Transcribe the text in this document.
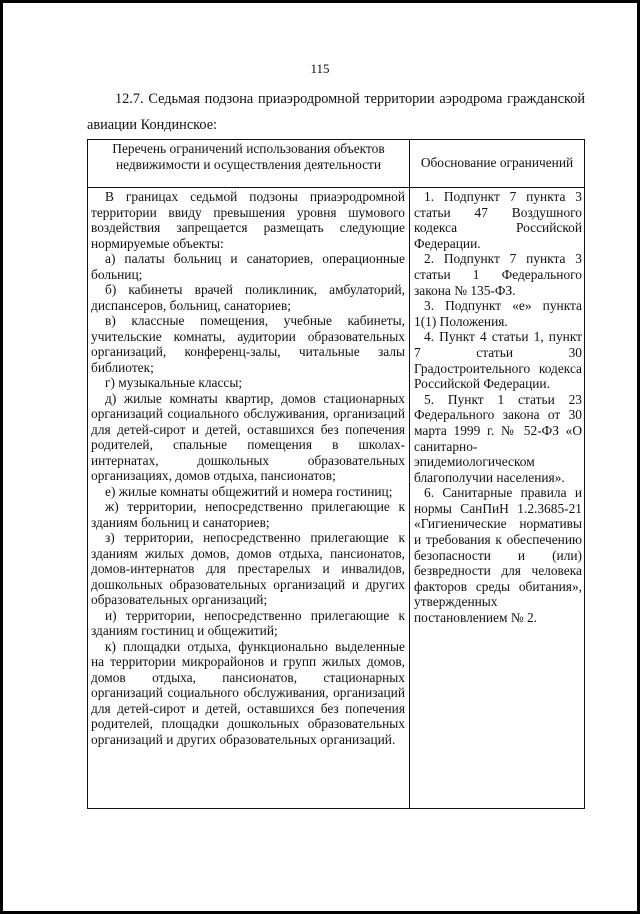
115
12.7. Седьмая подзона приаэродромной территории аэродрома гражданской авиации Кондинское:
Перечень ограничений использования объектов недвижимости и осуществления деятельности	Обоснование ограничений

В границах седьмой подзоны приаэродромной территории ввиду превышения уровня шумового воздействия запрещается размещать следующие нормируемые объекты:

а) палаты больниц и санаториев, операционные больниц;

б) кабинеты врачей поликлиник, амбулаторий, диспансеров, больниц, санаториев;

в) классные помещения, учебные кабинеты, учительские комнаты, аудитории образовательных организаций, конференц-залы, читальные залы библиотек;

г) музыкальные классы;

д) жилые комнаты квартир, домов стационарных организаций социального обслуживания, организаций для детей-сирот и детей, оставшихся без попечения родителей, спальные помещения в школах-интернатах, дошкольных образовательных организациях, домов отдыха, пансионатов;

е) жилые комнаты общежитий и номера гостиниц;

ж) территории, непосредственно прилегающие к зданиям больниц и санаториев;

з) территории, непосредственно прилегающие к зданиям жилых домов, домов отдыха, пансионатов, домов-интернатов для престарелых и инвалидов, дошкольных образовательных организаций и других образовательных организаций;

и) территории, непосредственно прилегающие к зданиям гостиниц и общежитий;

к) площадки отдыха, функционально выделенные на территории микрорайонов и групп жилых домов, домов отдыха, пансионатов, стационарных организаций социального обслуживания, организаций для детей-сирот и детей, оставшихся без попечения родителей, площадки дошкольных образовательных организаций и других образовательных организаций.

1. Подпункт 7 пункта 3 статьи 47 Воздушного кодекса Российской Федерации.

2. Подпункт 7 пункта 3 статьи 1 Федерального закона № 135-ФЗ.

3. Подпункт «е» пункта 1(1) Положения.

4. Пункт 4 статьи 1, пункт 7 статьи 30 Градостроительного кодекса Российской Федерации.

5. Пункт 1 статьи 23 Федерального закона от 30 марта 1999 г. № 52-ФЗ «О санитарно-эпидемиологическом благополучии населения».

6. Санитарные правила и нормы СанПиН 1.2.3685-21 «Гигиенические нормативы и требования к обеспечению безопасности и (или) безвредности для человека факторов среды обитания», утвержденных постановлением № 2.
